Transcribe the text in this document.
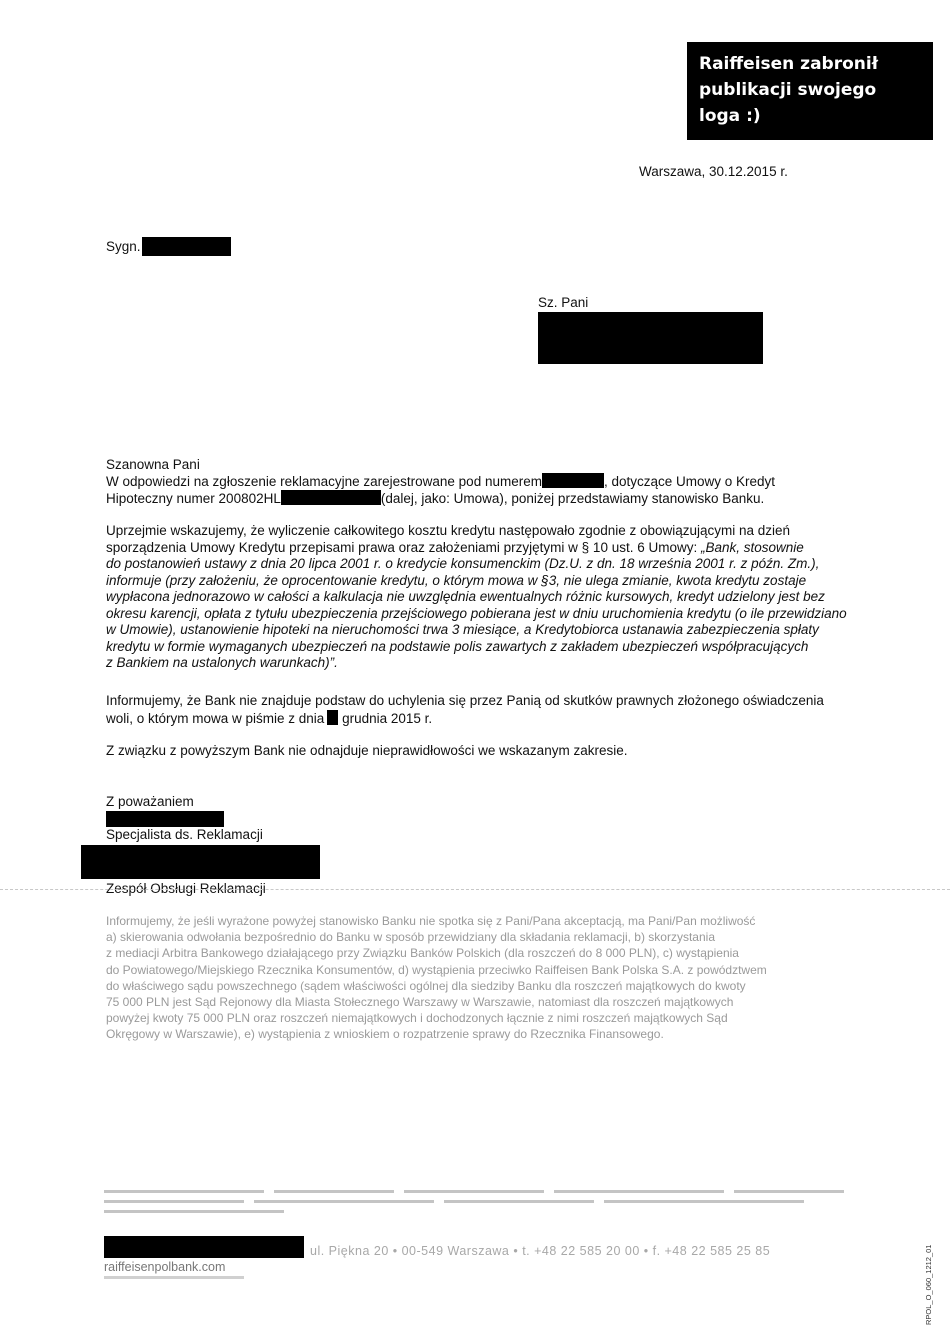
Raiffeisen zabronił
publikacji swojego
loga :)
Warszawa, 30.12.2015 r.
Sygn.
Sz. Pani
Szanowna Pani
W odpowiedzi na zgłoszenie reklamacyjne zarejestrowane pod numerem	, dotyczące Umowy o Kredyt
Hipoteczny numer 200802HL	(dalej, jako: Umowa), poniżej przedstawiamy stanowisko Banku.
Uprzejmie wskazujemy, że wyliczenie całkowitego kosztu kredytu następowało zgodnie z obowiązującymi na dzień
sporządzenia Umowy Kredytu przepisami prawa oraz założeniami przyjętymi w § 10 ust. 6 Umowy: „Bank, stosownie
do postanowień ustawy z dnia 20 lipca 2001 r. o kredycie konsumenckim (Dz.U. z dn. 18 września 2001 r. z późn. Zm.),
informuje (przy założeniu, że oprocentowanie kredytu, o którym mowa w §3, nie ulega zmianie, kwota kredytu zostaje
wypłacona jednorazowo w całości a kalkulacja nie uwzględnia ewentualnych różnic kursowych, kredyt udzielony jest bez
okresu karencji, opłata z tytułu ubezpieczenia przejściowego pobierana jest w dniu uruchomienia kredytu (o ile przewidziano
w Umowie), ustanowienie hipoteki na nieruchomości trwa 3 miesiące, a Kredytobiorca ustanawia zabezpieczenia spłaty
kredytu w formie wymaganych ubezpieczeń na podstawie polis zawartych z zakładem ubezpieczeń współpracujących
z Bankiem na ustalonych warunkach)”.
Informujemy, że Bank nie znajduje podstaw do uchylenia się przez Panią od skutków prawnych złożonego oświadczenia
woli, o którym mowa w piśmie z dnia grudnia 2015 r.
Z związku z powyższym Bank nie odnajduje nieprawidłowości we wskazanym zakresie.
Z poważaniem
Specjalista ds. Reklamacji
Zespół Obsługi Reklamacji
Informujemy, że jeśli wyrażone powyżej stanowisko Banku nie spotka się z Pani/Pana akceptacją, ma Pani/Pan możliwość
a) skierowania odwołania bezpośrednio do Banku w sposób przewidziany dla składania reklamacji, b) skorzystania
z mediacji Arbitra Bankowego działającego przy Związku Banków Polskich (dla roszczeń do 8 000 PLN), c) wystąpienia
do Powiatowego/Miejskiego Rzecznika Konsumentów, d) wystąpienia przeciwko Raiffeisen Bank Polska S.A. z powództwem
do właściwego sądu powszechnego (sądem właściwości ogólnej dla siedziby Banku dla roszczeń majątkowych do kwoty
75 000 PLN jest Sąd Rejonowy dla Miasta Stołecznego Warszawy w Warszawie, natomiast dla roszczeń majątkowych
powyżej kwoty 75 000 PLN oraz roszczeń niemajątkowych i dochodzonych łącznie z nimi roszczeń majątkowych Sąd
Okręgowy w Warszawie), e) wystąpienia z wnioskiem o rozpatrzenie sprawy do Rzecznika Finansowego.
ul. Piękna 20 • 00-549 Warszawa • t. +48 22 585 20 00 • f. +48 22 585 25 85
raiffeisenpolbank.com	RPOL_O_060_1212_01
